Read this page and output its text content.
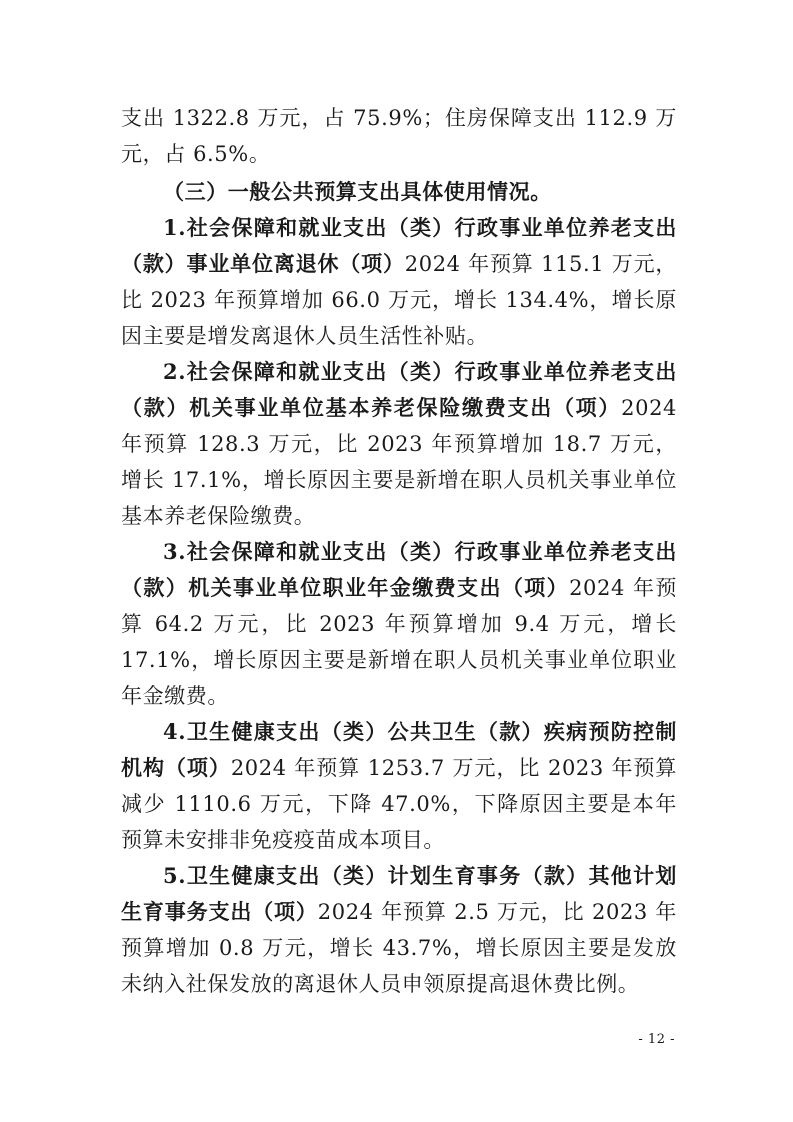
支出 1322.8 万元，占 75.9%；住房保障支出 112.9 万元，占 6.5%。

（三）一般公共预算支出具体使用情况。

1.社会保障和就业支出（类）行政事业单位养老支出（款）事业单位离退休（项）2024 年预算 115.1 万元，比 2023 年预算增加 66.0 万元，增长 134.4%，增长原因主要是增发离退休人员生活性补贴。

2.社会保障和就业支出（类）行政事业单位养老支出（款）机关事业单位基本养老保险缴费支出（项）2024 年预算 128.3 万元，比 2023 年预算增加 18.7 万元，增长 17.1%，增长原因主要是新增在职人员机关事业单位基本养老保险缴费。

3.社会保障和就业支出（类）行政事业单位养老支出（款）机关事业单位职业年金缴费支出（项）2024 年预算 64.2 万元，比 2023 年预算增加 9.4 万元，增长 17.1%，增长原因主要是新增在职人员机关事业单位职业年金缴费。

4.卫生健康支出（类）公共卫生（款）疾病预防控制机构（项）2024 年预算 1253.7 万元，比 2023 年预算减少 1110.6 万元，下降 47.0%，下降原因主要是本年预算未安排非免疫疫苗成本项目。

5.卫生健康支出（类）计划生育事务（款）其他计划生育事务支出（项）2024 年预算 2.5 万元，比 2023 年预算增加 0.8 万元，增长 43.7%，增长原因主要是发放未纳入社保发放的离退休人员申领原提高退休费比例。

- 12 -
